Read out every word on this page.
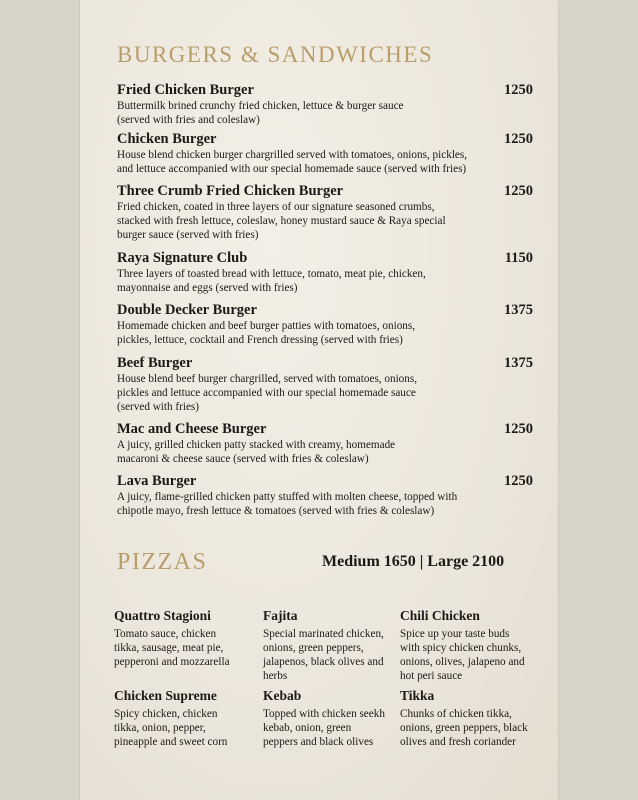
BURGERS & SANDWICHES
Fried Chicken Burger	1250
Buttermilk brined crunchy fried chicken, lettuce & burger sauce (served with fries and coleslaw)
Chicken Burger	1250
House blend chicken burger chargrilled served with tomatoes, onions, pickles, and lettuce accompanied with our special homemade sauce (served with fries)
Three Crumb Fried Chicken Burger	1250
Fried chicken, coated in three layers of our signature seasoned crumbs, stacked with fresh lettuce, coleslaw, honey mustard sauce & Raya special burger sauce (served with fries)
Raya Signature Club	1150
Three layers of toasted bread with lettuce, tomato, meat pie, chicken, mayonnaise and eggs (served with fries)
Double Decker Burger	1375
Homemade chicken and beef burger patties with tomatoes, onions, pickles, lettuce, cocktail and French dressing (served with fries)
Beef Burger	1375
House blend beef burger chargrilled, served with tomatoes, onions, pickles and lettuce accompanied with our special homemade sauce (served with fries)
Mac and Cheese Burger	1250
A juicy, grilled chicken patty stacked with creamy, homemade macaroni & cheese sauce (served with fries & coleslaw)
Lava Burger	1250
A juicy, flame-grilled chicken patty stuffed with molten cheese, topped with chipotle mayo, fresh lettuce & tomatoes (served with fries & coleslaw)
PIZZAS	Medium 1650 | Large 2100
Quattro Stagioni
Tomato sauce, chicken tikka, sausage, meat pie, pepperoni and mozzarella
Fajita
Special marinated chicken, onions, green peppers, jalapenos, black olives and herbs
Chili Chicken
Spice up your taste buds with spicy chicken chunks, onions, olives, jalapeno and hot peri sauce
Chicken Supreme
Spicy chicken, chicken tikka, onion, pepper, pineapple and sweet corn
Kebab
Topped with chicken seekh kebab, onion, green peppers and black olives
Tikka
Chunks of chicken tikka, onions, green peppers, black olives and fresh coriander
